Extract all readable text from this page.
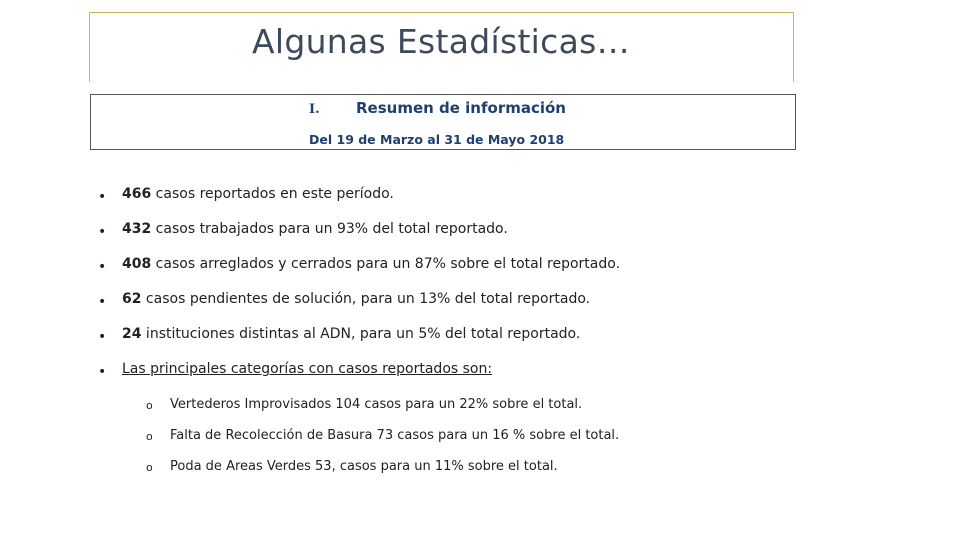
Algunas Estadísticas…
I. Resumen de información
Del 19 de Marzo al 31 de Mayo 2018
• 466 casos reportados en este período.
• 432 casos trabajados para un 93% del total reportado.
• 408 casos arreglados y cerrados para un 87% sobre el total reportado.
• 62 casos pendientes de solución, para un 13% del total reportado.
• 24 instituciones distintas al ADN, para un 5% del total reportado.
• Las principales categorías con casos reportados son:
o Vertederos Improvisados 104 casos para un 22% sobre el total.
o Falta de Recolección de Basura 73 casos para un 16 % sobre el total.
o Poda de Areas Verdes 53, casos para un 11% sobre el total.
